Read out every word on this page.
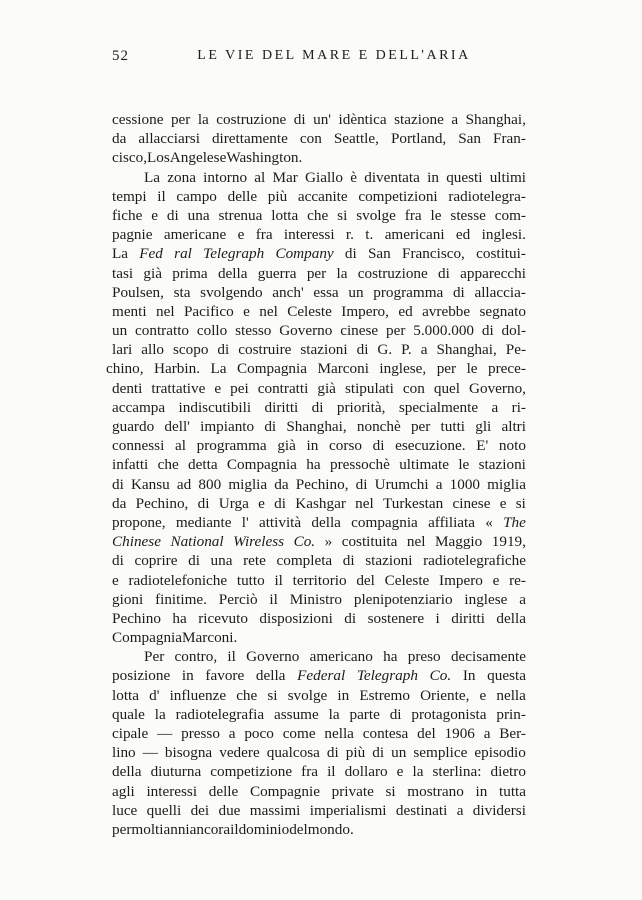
52	LE VIE DEL MARE E DELL'ARIA
cessione per la costruzione di un' idèntica stazione a Shanghai,
da allacciarsi direttamente con Seattle, Portland, San Fran-
cisco, Los Angeles e Washington.
La zona intorno al Mar Giallo è diventata in questi ultimi
tempi il campo delle più accanite competizioni radiotelegra-
fiche e di una strenua lotta che si svolge fra le stesse com-
pagnie americane e fra interessi r. t. americani ed inglesi.
La Fed ral Telegraph Company di San Francisco, costitui-
tasi già prima della guerra per la costruzione di apparecchi
Poulsen, sta svolgendo anch' essa un programma di allaccia-
menti nel Pacifico e nel Celeste Impero, ed avrebbe segnato
un contratto collo stesso Governo cinese per 5.000.000 di dol-
lari allo scopo di costruire stazioni di G. P. a Shanghai, Pe-
chino, Harbin. La Compagnia Marconi inglese, per le prece-
denti trattative e pei contratti già stipulati con quel Governo,
accampa indiscutibili diritti di priorità, specialmente a ri-
guardo dell' impianto di Shanghai, nonchè per tutti gli altri
connessi al programma già in corso di esecuzione. E' noto
infatti che detta Compagnia ha pressochè ultimate le stazioni
di Kansu ad 800 miglia da Pechino, di Urumchi a 1000 miglia
da Pechino, di Urga e di Kashgar nel Turkestan cinese e si
propone, mediante l' attività della compagnia affiliata « The
Chinese National Wireless Co. » costituita nel Maggio 1919,
di coprire di una rete completa di stazioni radiotelegrafiche
e radiotelefoniche tutto il territorio del Celeste Impero e re-
gioni finitime. Perciò il Ministro plenipotenziario inglese a
Pechino ha ricevuto disposizioni di sostenere i diritti della
Compagnia Marconi.
Per contro, il Governo americano ha preso decisamente
posizione in favore della Federal Telegraph Co. In questa
lotta d' influenze che si svolge in Estremo Oriente, e nella
quale la radiotelegrafia assume la parte di protagonista prin-
cipale — presso a poco come nella contesa del 1906 a Ber-
lino — bisogna vedere qualcosa di più di un semplice episodio
della diuturna competizione fra il dollaro e la sterlina: dietro
agli interessi delle Compagnie private si mostrano in tutta
luce quelli dei due massimi imperialismi destinati a dividersi
per molti anni ancora il dominio del mondo.
